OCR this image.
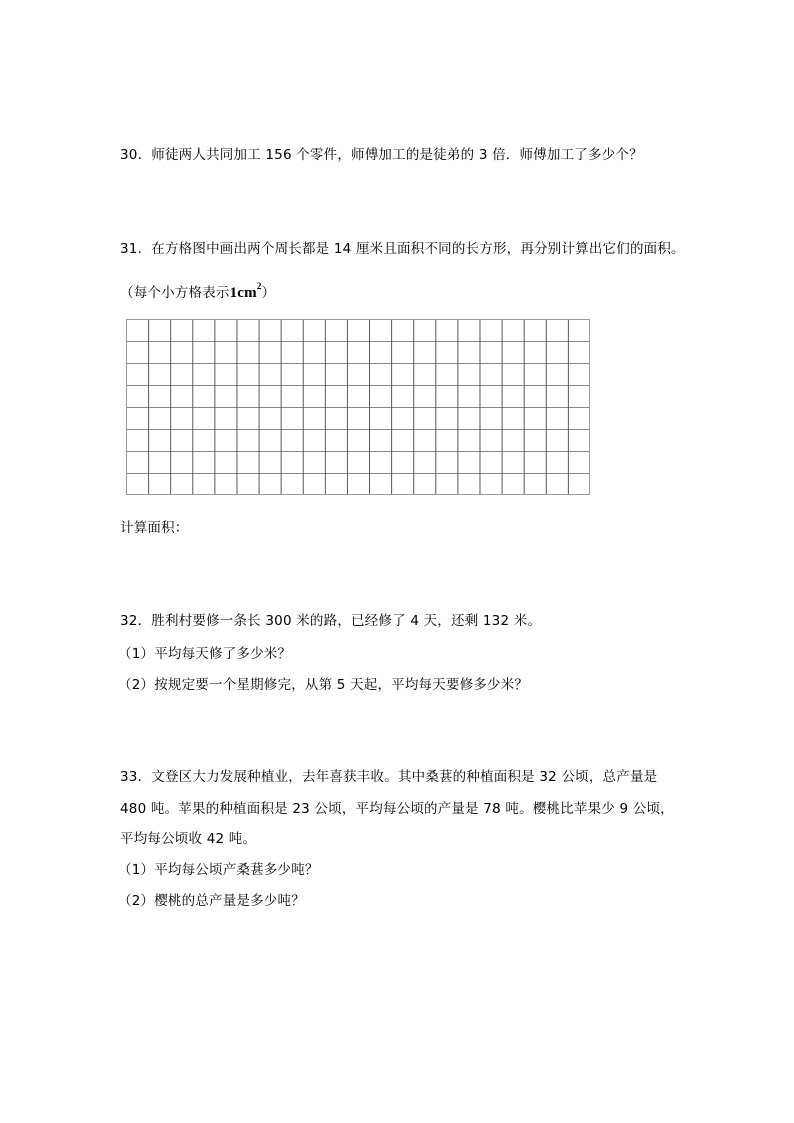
30．师徒两人共同加工 156 个零件，师傅加工的是徒弟的 3 倍．师傅加工了多少个？
31．在方格图中画出两个周长都是 14 厘米且面积不同的长方形，再分别计算出它们的面积。
（每个小方格表示$1cm^2$）
计算面积：
32．胜利村要修一条长 300 米的路，已经修了 4 天，还剩 132 米。
（1）平均每天修了多少米？
（2）按规定要一个星期修完，从第 5 天起，平均每天要修多少米？
33．文登区大力发展种植业，去年喜获丰收。其中桑葚的种植面积是 32 公顷，总产量是
480 吨。苹果的种植面积是 23 公顷，平均每公顷的产量是 78 吨。樱桃比苹果少 9 公顷，
平均每公顷收 42 吨。
（1）平均每公顷产桑葚多少吨？
（2）樱桃的总产量是多少吨？
